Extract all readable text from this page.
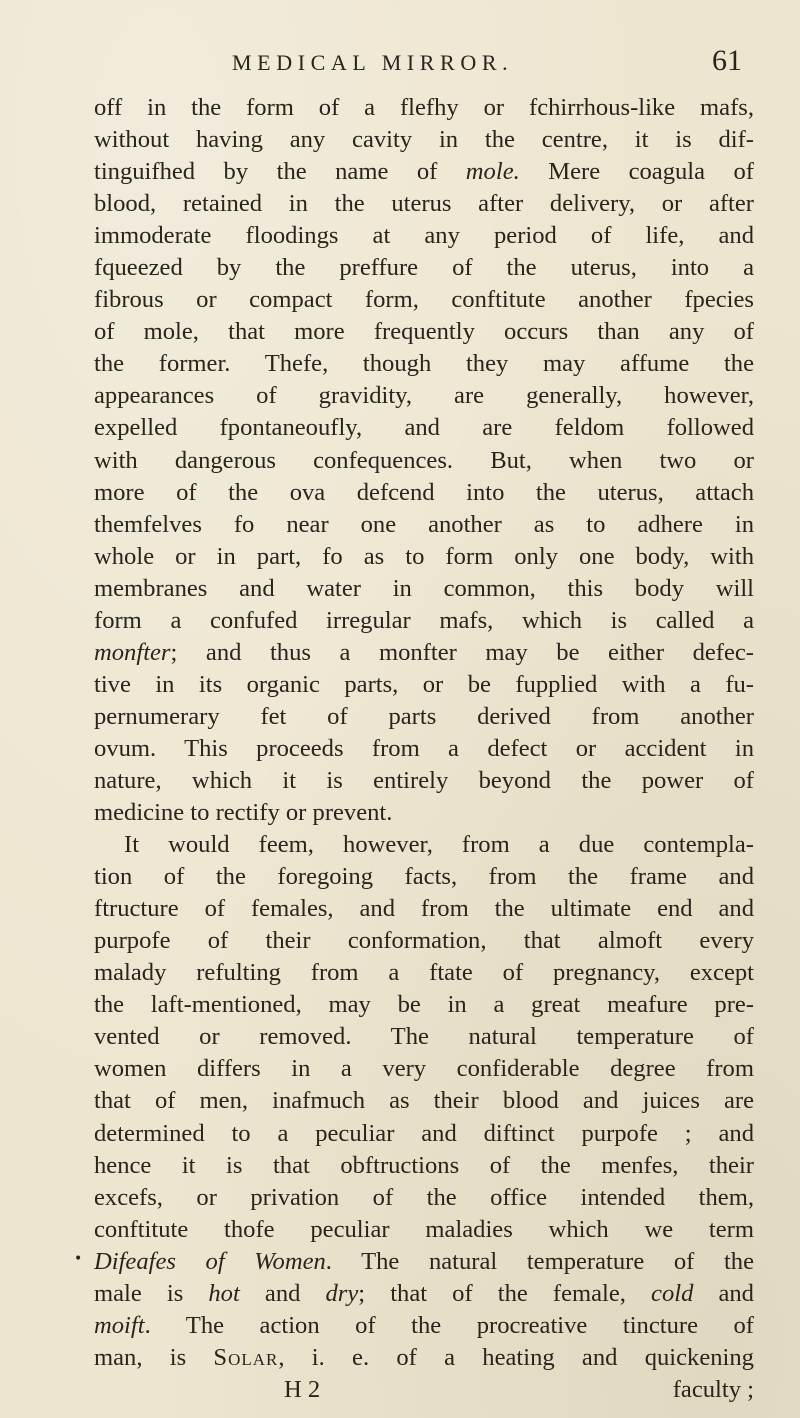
MEDICAL MIRROR.	61
off in the form of a flefhy or fchirrhous-like mafs,
without having any cavity in the centre, it is dif-
tinguifhed by the name of mole. Mere coagula of
blood, retained in the uterus after delivery, or after
immoderate floodings at any period of life, and
fqueezed by the preffure of the uterus, into a
fibrous or compact form, conftitute another fpecies
of mole, that more frequently occurs than any of
the former. Thefe, though they may affume the
appearances of gravidity, are generally, however,
expelled fpontaneoufly, and are feldom followed
with dangerous confequences. But, when two or
more of the ova defcend into the uterus, attach
themfelves fo near one another as to adhere in
whole or in part, fo as to form only one body, with
membranes and water in common, this body will
form a confufed irregular mafs, which is called a
monfter; and thus a monfter may be either defec-
tive in its organic parts, or be fupplied with a fu-
pernumerary fet of parts derived from another
ovum. This proceeds from a defect or accident in
nature, which it is entirely beyond the power of
medicine to rectify or prevent.
It would feem, however, from a due contempla-
tion of the foregoing facts, from the frame and
ftructure of females, and from the ultimate end and
purpofe of their conformation, that almoft every
malady refulting from a ftate of pregnancy, except
the laft-mentioned, may be in a great meafure pre-
vented or removed. The natural temperature of
women differs in a very confiderable degree from
that of men, inafmuch as their blood and juices are
determined to a peculiar and diftinct purpofe ; and
hence it is that obftructions of the menfes, their
excefs, or privation of the office intended them,
conftitute thofe peculiar maladies which we term
Difeafes of Women. The natural temperature of the
male is hot and dry; that of the female, cold and
moift. The action of the procreative tincture of
man, is Solar, i. e. of a heating and quickening
H 2	faculty ;
•
